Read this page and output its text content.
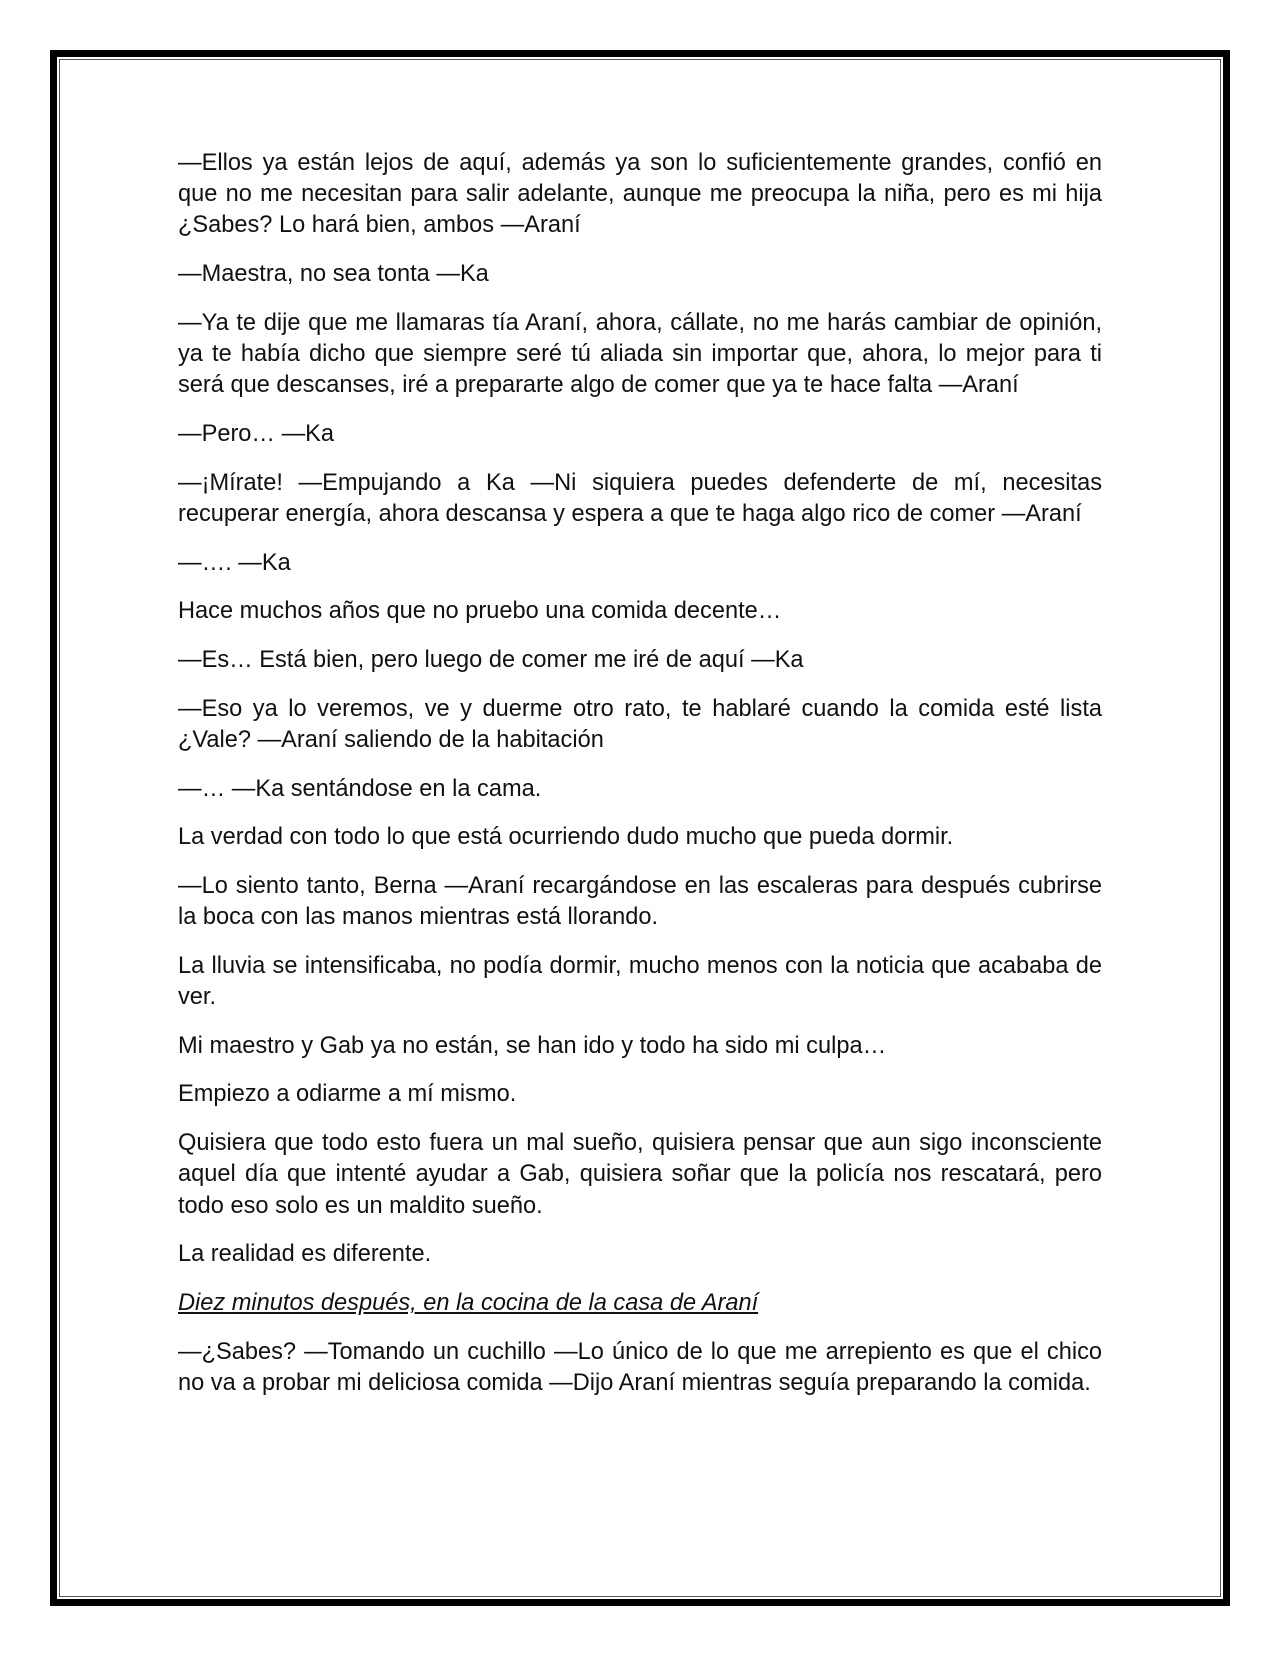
—Ellos ya están lejos de aquí, además ya son lo suficientemente grandes, confió en que no me necesitan para salir adelante, aunque me preocupa la niña, pero es mi hija ¿Sabes? Lo hará bien, ambos —Araní

—Maestra, no sea tonta —Ka

—Ya te dije que me llamaras tía Araní, ahora, cállate, no me harás cambiar de opinión, ya te había dicho que siempre seré tú aliada sin importar que, ahora, lo mejor para ti será que descanses, iré a prepararte algo de comer que ya te hace falta —Araní

—Pero… —Ka

—¡Mírate! —Empujando a Ka —Ni siquiera puedes defenderte de mí, necesitas recuperar energía, ahora descansa y espera a que te haga algo rico de comer —Araní

—…. —Ka

Hace muchos años que no pruebo una comida decente…

—Es… Está bien, pero luego de comer me iré de aquí —Ka

—Eso ya lo veremos, ve y duerme otro rato, te hablaré cuando la comida esté lista ¿Vale? —Araní saliendo de la habitación

—… —Ka sentándose en la cama.

La verdad con todo lo que está ocurriendo dudo mucho que pueda dormir.

—Lo siento tanto, Berna —Araní recargándose en las escaleras para después cubrirse la boca con las manos mientras está llorando.

La lluvia se intensificaba, no podía dormir, mucho menos con la noticia que acababa de ver.

Mi maestro y Gab ya no están, se han ido y todo ha sido mi culpa…

Empiezo a odiarme a mí mismo.

Quisiera que todo esto fuera un mal sueño, quisiera pensar que aun sigo inconsciente aquel día que intenté ayudar a Gab, quisiera soñar que la policía nos rescatará, pero todo eso solo es un maldito sueño.

La realidad es diferente.

Diez minutos después, en la cocina de la casa de Araní

—¿Sabes? —Tomando un cuchillo —Lo único de lo que me arrepiento es que el chico no va a probar mi deliciosa comida —Dijo Araní mientras seguía preparando la comida.
